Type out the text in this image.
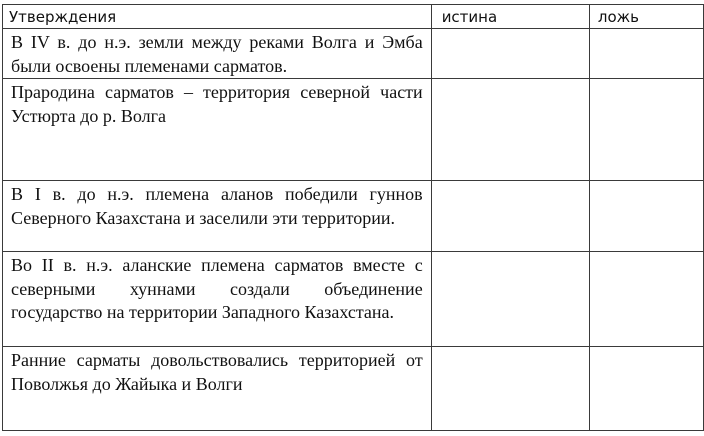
Утверждения	истина	ложь
В IV в. до н.э. земли между реками Волга и Эмба были освоены племенами сарматов.		
Прародина сарматов – территория северной части Устюрта до р. Волга		
В I в. до н.э. племена аланов победили гуннов Северного Казахстана и заселили эти территории.		
Во II в. н.э. аланские племена сарматов вместе с северными хуннами создали объединение государство на территории Западного Казахстана.		
Ранние сарматы довольствовались территорией от Поволжья до Жайыка и Волги		
